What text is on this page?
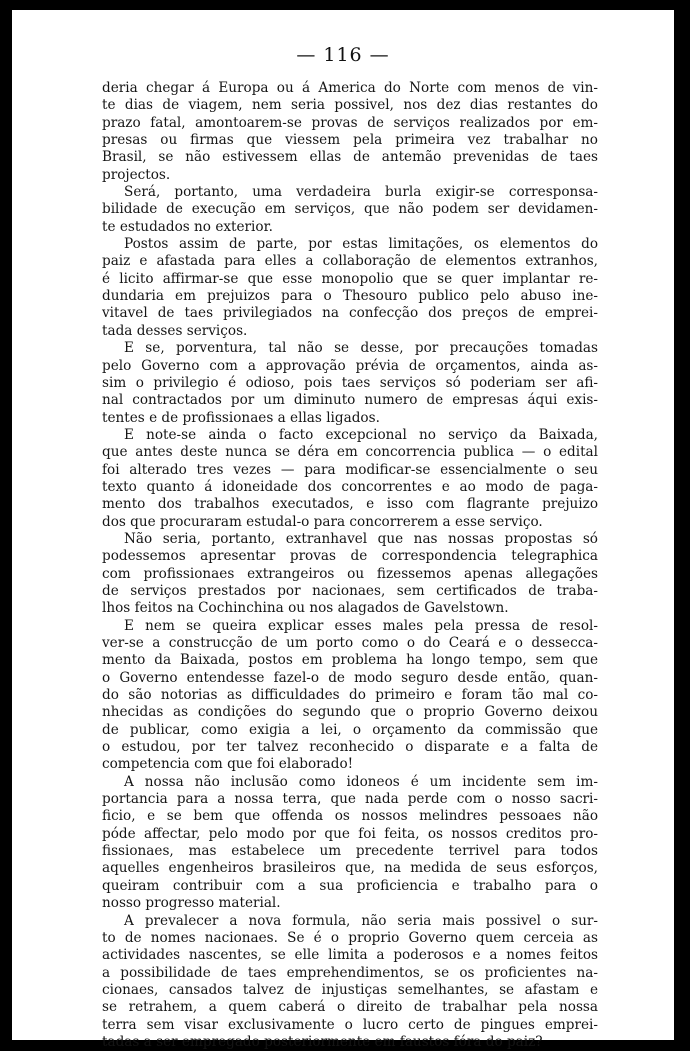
— 116 —
deria chegar á Europa ou á America do Norte com menos de vin-
te dias de viagem, nem seria possivel, nos dez dias restantes do
prazo fatal, amontoarem-se provas de serviços realizados por em-
presas ou firmas que viessem pela primeira vez trabalhar no
Brasil, se não estivessem ellas de antemão prevenidas de taes
projectos.
Será, portanto, uma verdadeira burla exigir-se corresponsa-
bilidade de execução em serviços, que não podem ser devidamen-
te estudados no exterior.
Postos assim de parte, por estas limitações, os elementos do
paiz e afastada para elles a collaboração de elementos extranhos,
é licito affirmar-se que esse monopolio que se quer implantar re-
dundaria em prejuizos para o Thesouro publico pelo abuso ine-
vitavel de taes privilegiados na confecção dos preços de emprei-
tada desses serviços.
E se, porventura, tal não se desse, por precauções tomadas
pelo Governo com a approvação prévia de orçamentos, ainda as-
sim o privilegio é odioso, pois taes serviços só poderiam ser afi-
nal contractados por um diminuto numero de empresas áqui exis-
tentes e de profissionaes a ellas ligados.
E note-se ainda o facto excepcional no serviço da Baixada,
que antes deste nunca se déra em concorrencia publica — o edital
foi alterado tres vezes — para modificar-se essencialmente o seu
texto quanto á idoneidade dos concorrentes e ao modo de paga-
mento dos trabalhos executados, e isso com flagrante prejuizo
dos que procuraram estudal-o para concorrerem a esse serviço.
Não seria, portanto, extranhavel que nas nossas propostas só
podessemos apresentar provas de correspondencia telegraphica
com profissionaes extrangeiros ou fizessemos apenas allegações
de serviços prestados por nacionaes, sem certificados de traba-
lhos feitos na Cochinchina ou nos alagados de Gavelstown.
E nem se queira explicar esses males pela pressa de resol-
ver-se a construcção de um porto como o do Ceará e o desseccа-
mento da Baixada, postos em problema ha longo tempo, sem que
o Governo entendesse fazel-o de modo seguro desde então, quan-
do são notorias as difficuldades do primeiro e foram tão mal co-
nhecidas as condições do segundo que o proprio Governo deixou
de publicar, como exigia a lei, o orçamento da commissão que
o estudou, por ter talvez reconhecido o disparate e a falta de
competencia com que foi elaborado!
A nossa não inclusão como idoneos é um incidente sem im-
portancia para a nossa terra, que nada perde com o nosso sacri-
ficio, e se bem que offenda os nossos melindres pessoaes não
póde affectar, pelo modo por que foi feita, os nossos creditos pro-
fissionaes, mas estabelece um precedente terrivel para todos
aquelles engenheiros brasileiros que, na medida de seus esforços,
queiram contribuir com a sua proficiencia e trabalho para o
nosso progresso material.
A prevalecer a nova formula, não seria mais possivel o sur-
to de nomes nacionaes. Se é o proprio Governo quem cerceia as
actividades nascentes, se elle limita a poderosos e a nomes feitos
a possibilidade de taes emprehendimentos, se os proficientes na-
cionaes, cansados talvez de injustiças semelhantes, se afastam e
se retrahem, a quem caberá o direito de trabalhar pela nossa
terra sem visar exclusivamente o lucro certo de pingues emprei-
tadas a ser empregado posteriormente em faustos fóra do paiz?
